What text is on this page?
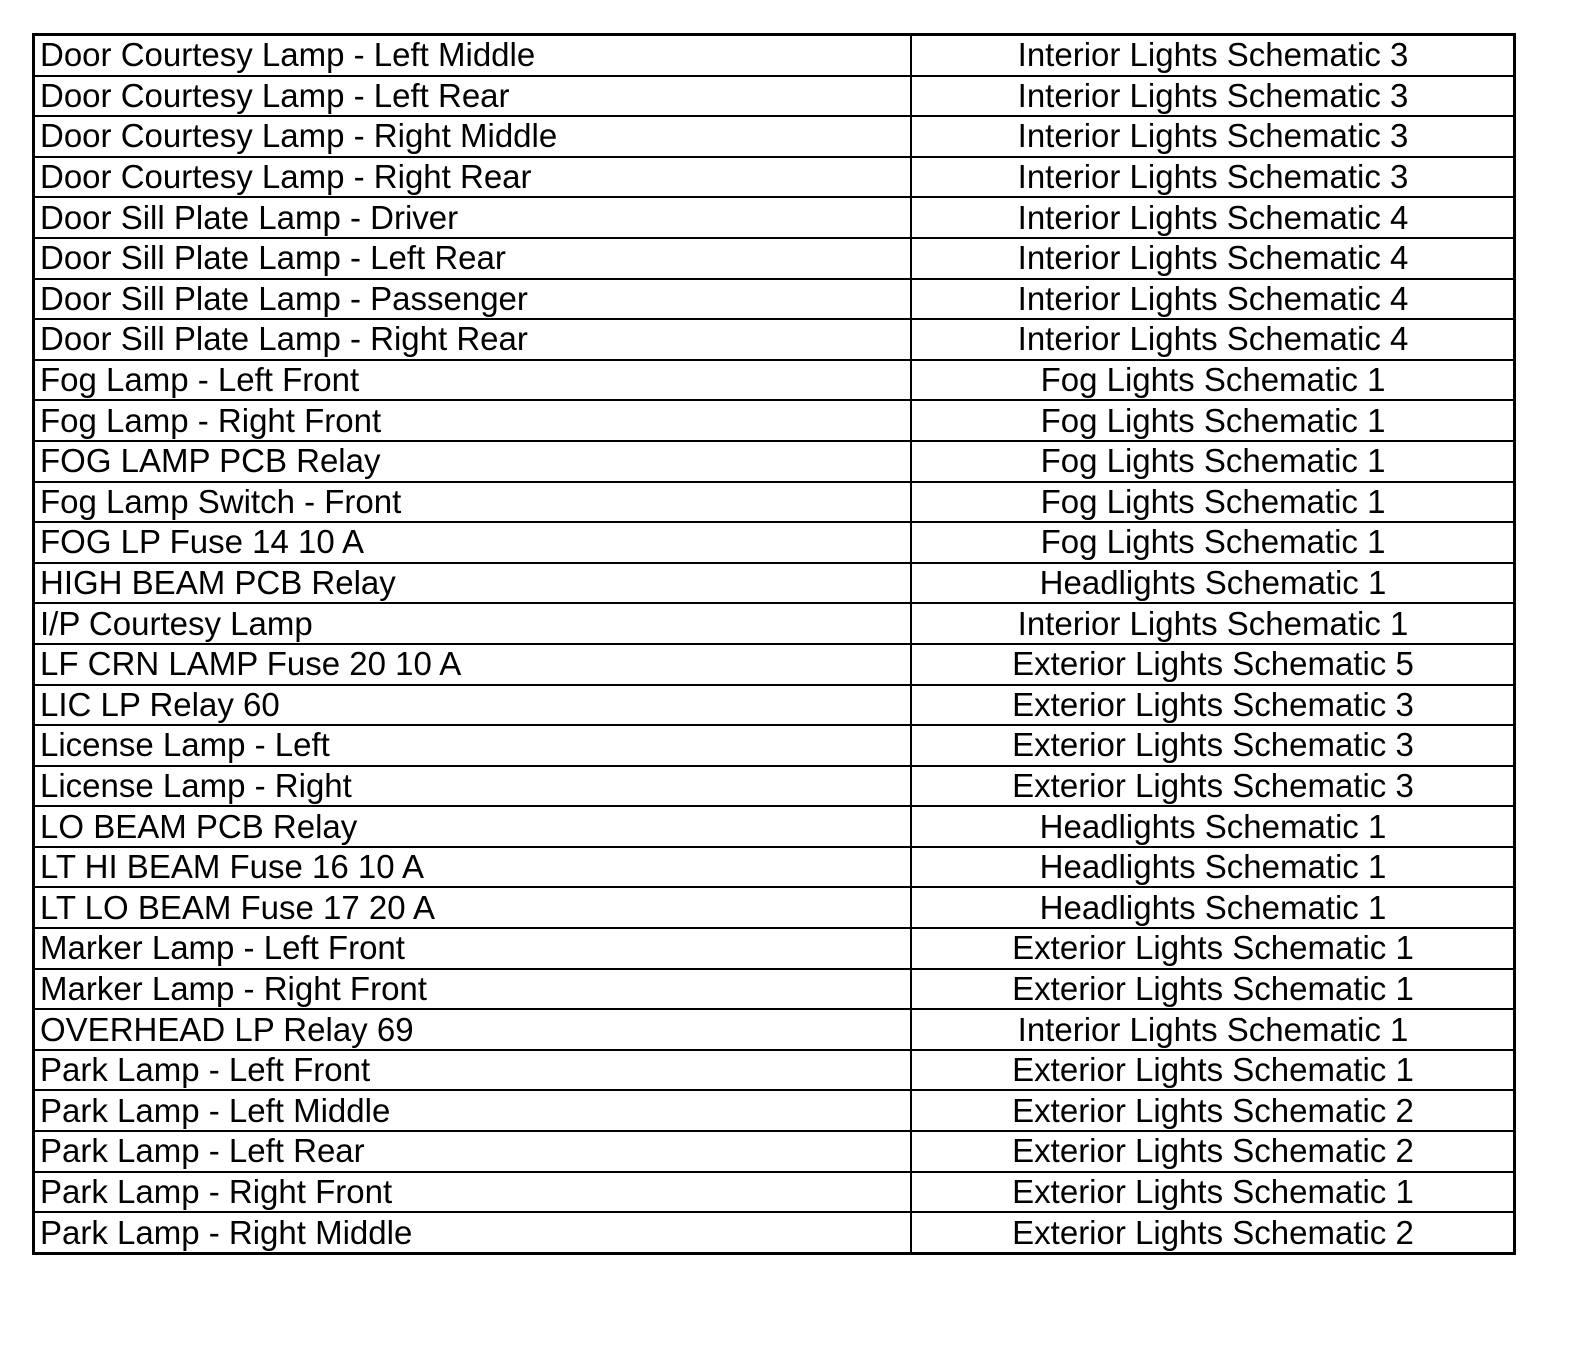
Door Courtesy Lamp - Left Middle	Interior Lights Schematic 3
Door Courtesy Lamp - Left Rear	Interior Lights Schematic 3
Door Courtesy Lamp - Right Middle	Interior Lights Schematic 3
Door Courtesy Lamp - Right Rear	Interior Lights Schematic 3
Door Sill Plate Lamp - Driver	Interior Lights Schematic 4
Door Sill Plate Lamp - Left Rear	Interior Lights Schematic 4
Door Sill Plate Lamp - Passenger	Interior Lights Schematic 4
Door Sill Plate Lamp - Right Rear	Interior Lights Schematic 4
Fog Lamp - Left Front	Fog Lights Schematic 1
Fog Lamp - Right Front	Fog Lights Schematic 1
FOG LAMP PCB Relay	Fog Lights Schematic 1
Fog Lamp Switch - Front	Fog Lights Schematic 1
FOG LP Fuse 14 10 A	Fog Lights Schematic 1
HIGH BEAM PCB Relay	Headlights Schematic 1
I/P Courtesy Lamp	Interior Lights Schematic 1
LF CRN LAMP Fuse 20 10 A	Exterior Lights Schematic 5
LIC LP Relay 60	Exterior Lights Schematic 3
License Lamp - Left	Exterior Lights Schematic 3
License Lamp - Right	Exterior Lights Schematic 3
LO BEAM PCB Relay	Headlights Schematic 1
LT HI BEAM Fuse 16 10 A	Headlights Schematic 1
LT LO BEAM Fuse 17 20 A	Headlights Schematic 1
Marker Lamp - Left Front	Exterior Lights Schematic 1
Marker Lamp - Right Front	Exterior Lights Schematic 1
OVERHEAD LP Relay 69	Interior Lights Schematic 1
Park Lamp - Left Front	Exterior Lights Schematic 1
Park Lamp - Left Middle	Exterior Lights Schematic 2
Park Lamp - Left Rear	Exterior Lights Schematic 2
Park Lamp - Right Front	Exterior Lights Schematic 1
Park Lamp - Right Middle	Exterior Lights Schematic 2
